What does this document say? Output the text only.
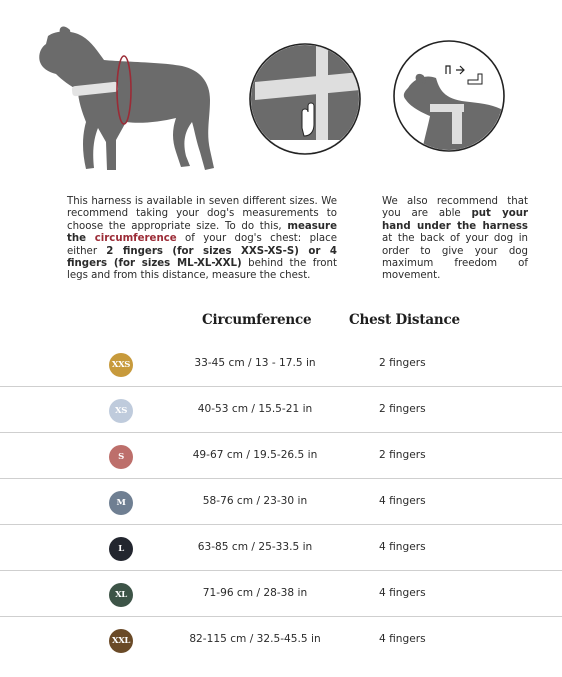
This harness is available in seven different sizes. We recommend taking your dog's measurements to choose the appropriate size. To do this, measure the circumference of your dog's chest: place either 2 fingers (for sizes XXS-XS-S) or 4 fingers (for sizes ML-XL-XXL) behind the front legs and from this distance, measure the chest.

We also recommend that you are able put your hand under the harness at the back of your dog in order to give your dog maximum freedom of movement.

Circumference	Chest Distance
XXS	33-45 cm / 13 - 17.5 in	2 fingers
XS	40-53 cm / 15.5-21 in	2 fingers
S	49-67 cm / 19.5-26.5 in	2 fingers
M	58-76 cm / 23-30 in	4 fingers
L	63-85 cm / 25-33.5 in	4 fingers
XL	71-96 cm / 28-38 in	4 fingers
XXL	82-115 cm / 32.5-45.5 in	4 fingers
